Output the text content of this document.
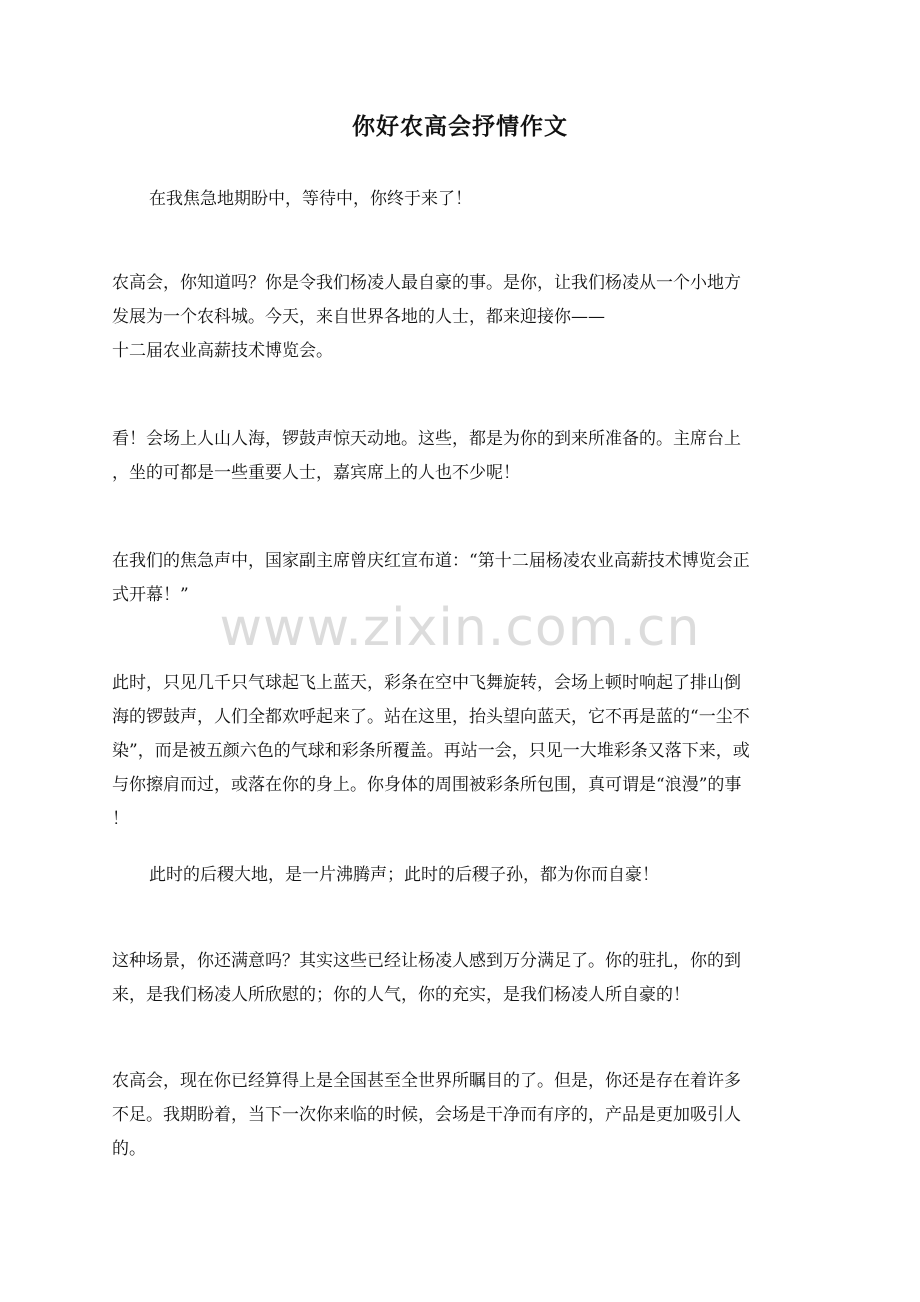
你好农高会抒情作文
www.zixin.com.cn

在我焦急地期盼中，等待中，你终于来了！

农高会，你知道吗？你是令我们杨凌人最自豪的事。是你，让我们杨凌从一个小地方
发展为一个农科城。今天，来自世界各地的人士，都来迎接你——
十二届农业高薪技术博览会。

看！会场上人山人海，锣鼓声惊天动地。这些，都是为你的到来所准备的。主席台上
，坐的可都是一些重要人士，嘉宾席上的人也不少呢！

在我们的焦急声中，国家副主席曾庆红宣布道：“第十二届杨凌农业高薪技术博览会正
式开幕！”

此时，只见几千只气球起飞上蓝天，彩条在空中飞舞旋转，会场上顿时响起了排山倒
海的锣鼓声，人们全都欢呼起来了。站在这里，抬头望向蓝天，它不再是蓝的“一尘不
染”，而是被五颜六色的气球和彩条所覆盖。再站一会，只见一大堆彩条又落下来，或
与你擦肩而过，或落在你的身上。你身体的周围被彩条所包围，真可谓是“浪漫”的事
！

此时的后稷大地，是一片沸腾声；此时的后稷子孙，都为你而自豪！

这种场景，你还满意吗？其实这些已经让杨凌人感到万分满足了。你的驻扎，你的到
来，是我们杨凌人所欣慰的；你的人气，你的充实，是我们杨凌人所自豪的！

农高会，现在你已经算得上是全国甚至全世界所瞩目的了。但是，你还是存在着许多
不足。我期盼着，当下一次你来临的时候，会场是干净而有序的，产品是更加吸引人
的。
